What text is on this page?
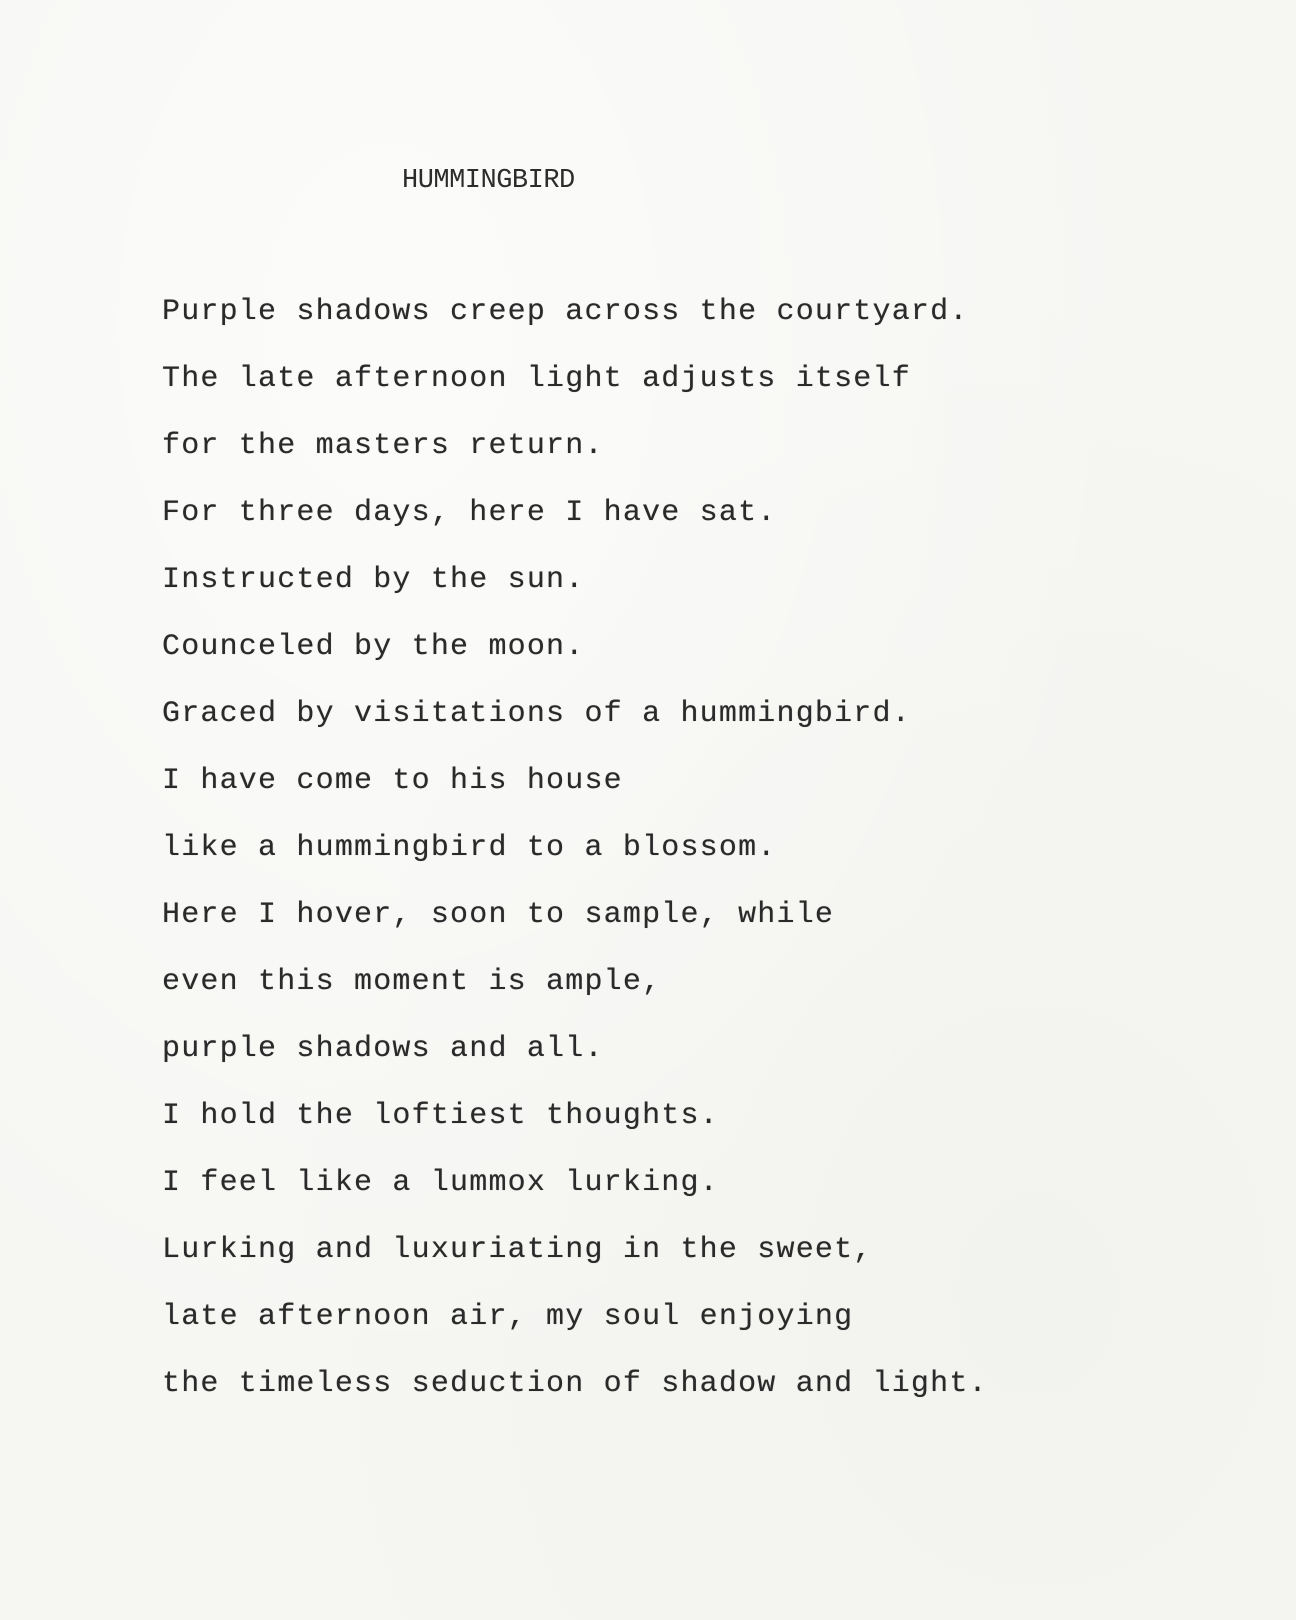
HUMMINGBIRD
Purple shadows creep across the courtyard.
The late afternoon light adjusts itself
for the masters return.
For three days, here I have sat.
Instructed by the sun.
Counceled by the moon.
Graced by visitations of a hummingbird.
I have come to his house
like a hummingbird to a blossom.
Here I hover, soon to sample, while
even this moment is ample,
purple shadows and all.
I hold the loftiest thoughts.
I feel like a lummox lurking.
Lurking and luxuriating in the sweet,
late afternoon air, my soul enjoying
the timeless seduction of shadow and light.
